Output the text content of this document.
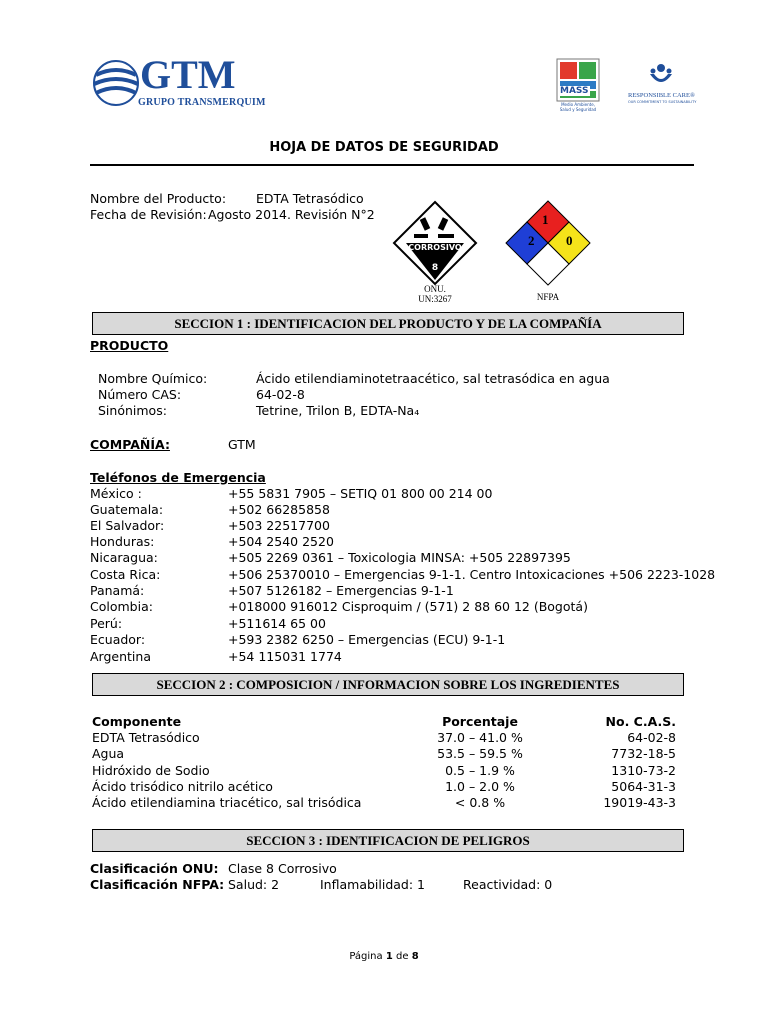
GTM
GRUPO TRANSMERQUIM
MASS
Medio Ambiente, Salud y Seguridad
RESPONSIBLE CARE®
OUR COMMITMENT TO SUSTAINABILITY
HOJA DE DATOS DE SEGURIDAD
Nombre del Producto: EDTA Tetrasódico
Fecha de Revisión: Agosto 2014. Revisión N°2
CORROSIVO
8
ONU.
UN:3267
1
2 0
NFPA
SECCION 1 : IDENTIFICACION DEL PRODUCTO Y DE LA COMPAÑÍA
PRODUCTO
Nombre Químico:	Ácido etilendiaminotetraacético, sal tetrasódica en agua
Número CAS:	64-02-8
Sinónimos:	Tetrine, Trilon B, EDTA-Na₄
COMPAÑÍA:	GTM
Teléfonos de Emergencia
México :	+55 5831 7905 – SETIQ 01 800 00 214 00
Guatemala:	+502 66285858
El Salvador:	+503 22517700
Honduras:	+504 2540 2520
Nicaragua:	+505 2269 0361 – Toxicologia MINSA: +505 22897395
Costa Rica:	+506 25370010 – Emergencias 9-1-1. Centro Intoxicaciones +506 2223-1028
Panamá:	+507 5126182 – Emergencias 9-1-1
Colombia:	+018000 916012 Cisproquim / (571) 2 88 60 12 (Bogotá)
Perú:	+511614 65 00
Ecuador:	+593 2382 6250 – Emergencias (ECU) 9-1-1
Argentina	+54 115031 1774
SECCION 2 : COMPOSICION / INFORMACION SOBRE LOS INGREDIENTES
Componente	Porcentaje	No. C.A.S.
EDTA Tetrasódico	37.0 – 41.0 %	64-02-8
Agua	53.5 – 59.5 %	7732-18-5
Hidróxido de Sodio	0.5 – 1.9 %	1310-73-2
Ácido trisódico nitrilo acético	1.0 – 2.0 %	5064-31-3
Ácido etilendiamina triacético, sal trisódica	< 0.8 %	19019-43-3
SECCION 3 : IDENTIFICACION DE PELIGROS
Clasificación ONU: Clase 8 Corrosivo
Clasificación NFPA: Salud: 2	Inflamabilidad: 1	Reactividad: 0
Página 1 de 8
